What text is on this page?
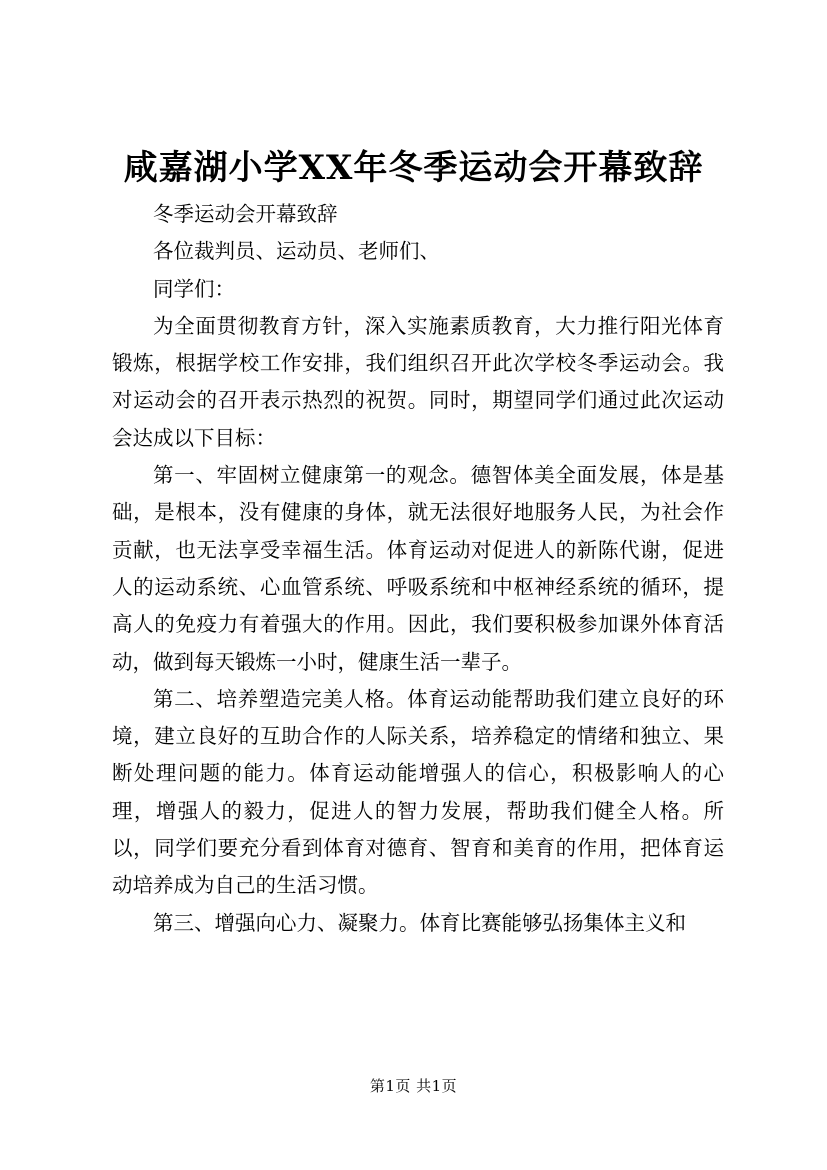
咸嘉湖小学XX年冬季运动会开幕致辞

冬季运动会开幕致辞

各位裁判员、运动员、老师们、

同学们：

为全面贯彻教育方针，深入实施素质教育，大力推行阳光体育锻炼，根据学校工作安排，我们组织召开此次学校冬季运动会。我对运动会的召开表示热烈的祝贺。同时，期望同学们通过此次运动会达成以下目标：

第一、牢固树立健康第一的观念。德智体美全面发展，体是基础，是根本，没有健康的身体，就无法很好地服务人民，为社会作贡献，也无法享受幸福生活。体育运动对促进人的新陈代谢，促进人的运动系统、心血管系统、呼吸系统和中枢神经系统的循环，提高人的免疫力有着强大的作用。因此，我们要积极参加课外体育活动，做到每天锻炼一小时，健康生活一辈子。

第二、培养塑造完美人格。体育运动能帮助我们建立良好的环境，建立良好的互助合作的人际关系，培养稳定的情绪和独立、果断处理问题的能力。体育运动能增强人的信心，积极影响人的心理，增强人的毅力，促进人的智力发展，帮助我们健全人格。所以，同学们要充分看到体育对德育、智育和美育的作用，把体育运动培养成为自己的生活习惯。

第三、增强向心力、凝聚力。体育比赛能够弘扬集体主义和

第1页 共1页
